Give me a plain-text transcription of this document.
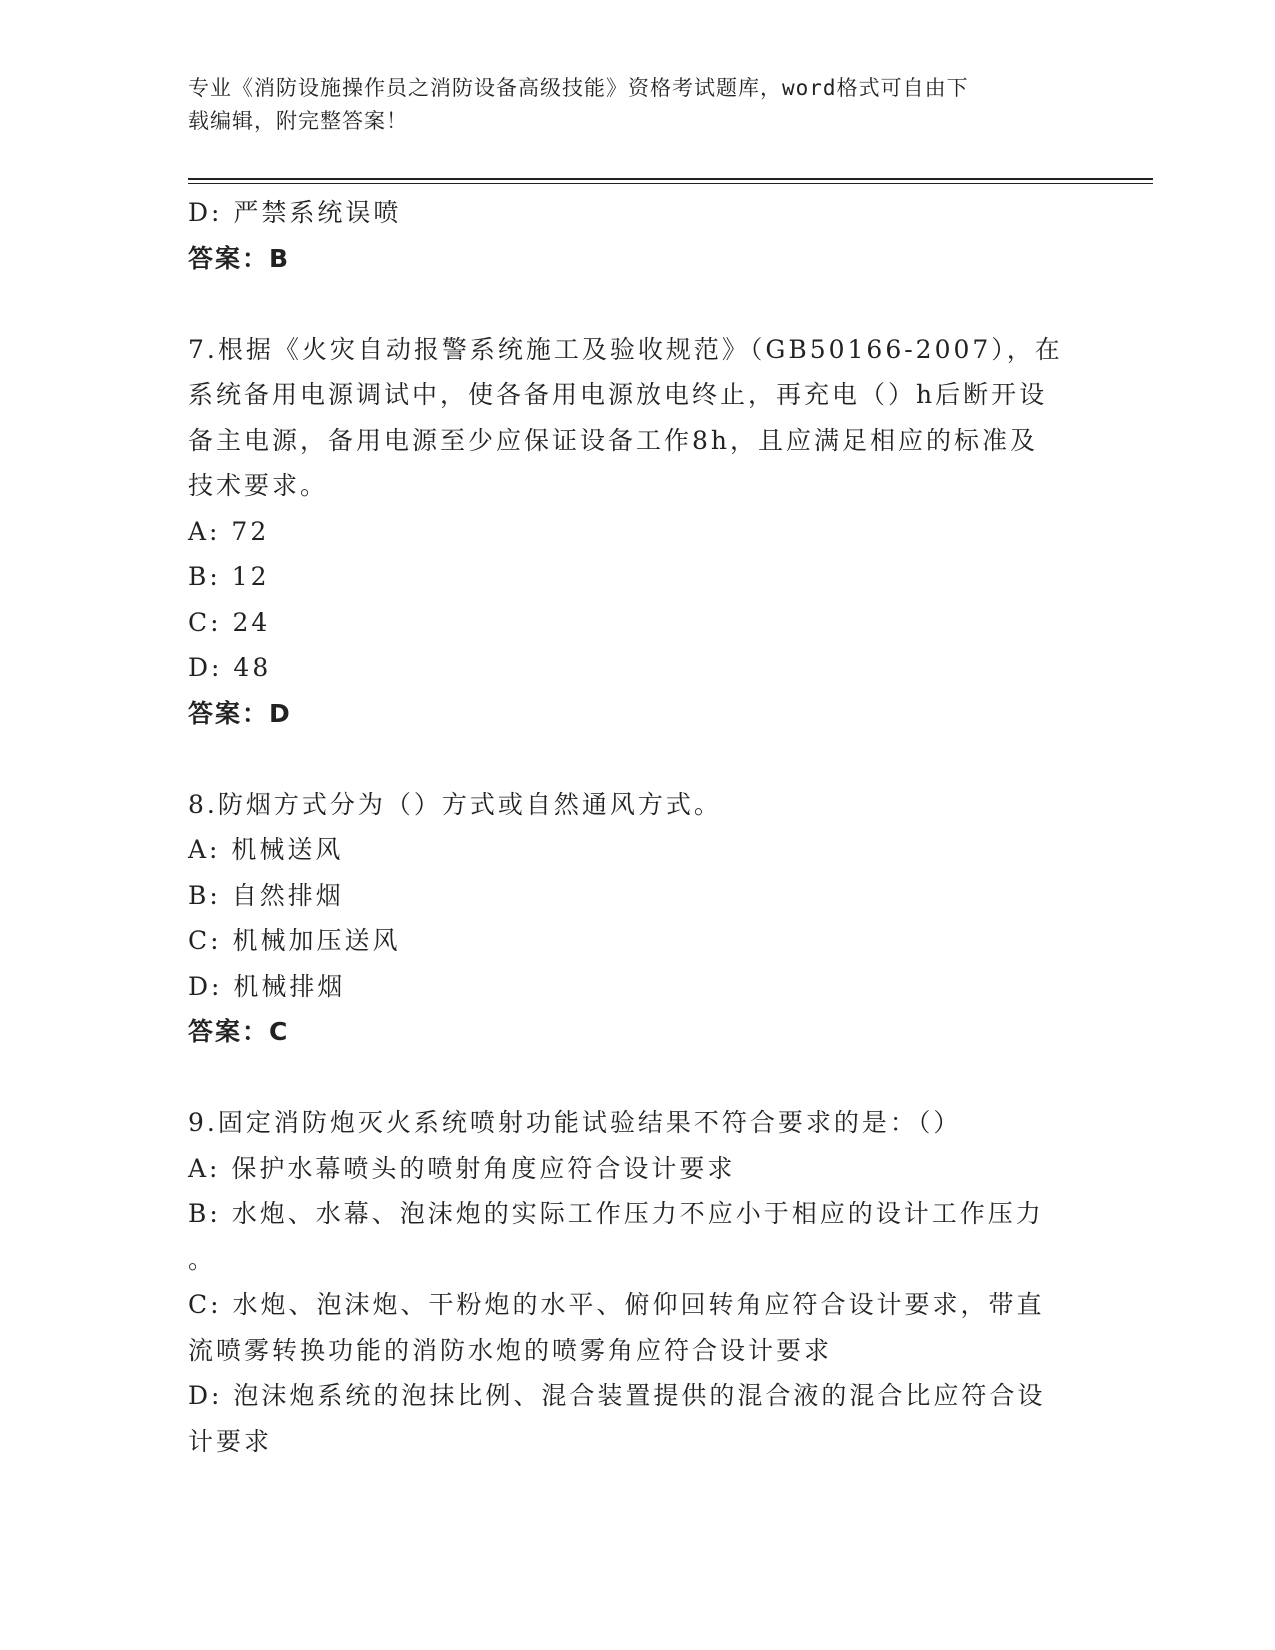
专业《消防设施操作员之消防设备高级技能》资格考试题库，word格式可自由下
载编辑，附完整答案！
D: 严禁系统误喷
答案：B
7.根据《火灾自动报警系统施工及验收规范》（GB50166-2007），在
系统备用电源调试中，使各备用电源放电终止，再充电（）h后断开设
备主电源，备用电源至少应保证设备工作8h，且应满足相应的标准及
技术要求。
A: 72
B: 12
C: 24
D: 48
答案：D
8.防烟方式分为（）方式或自然通风方式。
A: 机械送风
B: 自然排烟
C: 机械加压送风
D: 机械排烟
答案：C
9.固定消防炮灭火系统喷射功能试验结果不符合要求的是：（）
A: 保护水幕喷头的喷射角度应符合设计要求
B: 水炮、水幕、泡沫炮的实际工作压力不应小于相应的设计工作压力
。
C: 水炮、泡沫炮、干粉炮的水平、俯仰回转角应符合设计要求，带直
流喷雾转换功能的消防水炮的喷雾角应符合设计要求
D: 泡沫炮系统的泡抹比例、混合装置提供的混合液的混合比应符合设
计要求
